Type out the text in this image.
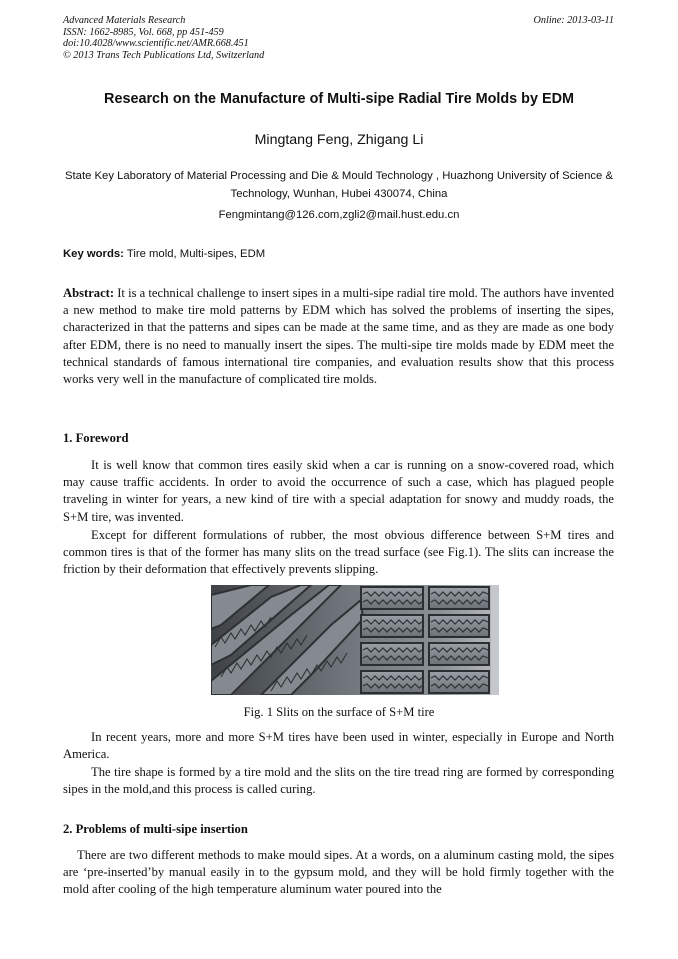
Advanced Materials Research
ISSN: 1662-8985, Vol. 668, pp 451-459
doi:10.4028/www.scientific.net/AMR.668.451
© 2013 Trans Tech Publications Ltd, Switzerland
Online: 2013-03-11
Research on the Manufacture of Multi-sipe Radial Tire Molds by EDM
Mingtang Feng, Zhigang Li
State Key Laboratory of Material Processing and Die & Mould Technology , Huazhong University of Science & Technology, Wunhan, Hubei 430074, China
Fengmintang@126.com,zgli2@mail.hust.edu.cn
Key words: Tire mold, Multi-sipes, EDM

Abstract: It is a technical challenge to insert sipes in a multi-sipe radial tire mold. The authors have invented a new method to make tire mold patterns by EDM which has solved the problems of inserting the sipes, characterized in that the patterns and sipes can be made at the same time, and as they are made as one body after EDM, there is no need to manually insert the sipes. The multi-sipe tire molds made by EDM meet the technical standards of famous international tire companies, and evaluation results show that this process works very well in the manufacture of complicated tire molds.

1. Foreword

It is well know that common tires easily skid when a car is running on a snow-covered road, which may cause traffic accidents. In order to avoid the occurrence of such a case, which has plagued people traveling in winter for years, a new kind of tire with a special adaptation for snowy and muddy roads, the S+M tire, was invented.

Except for different formulations of rubber, the most obvious difference between S+M tires and common tires is that of the former has many slits on the tread surface (see Fig.1). The slits can increase the friction by their deformation that effectively prevents slipping.

Fig. 1 Slits on the surface of S+M tire

In recent years, more and more S+M tires have been used in winter, especially in Europe and North America.

The tire shape is formed by a tire mold and the slits on the tire tread ring are formed by corresponding sipes in the mold,and this process is called curing.

2. Problems of multi-sipe insertion

There are two different methods to make mould sipes. At a words, on a aluminum casting mold, the sipes are ‘pre-inserted’by manual easily in to the gypsum mold, and they will be hold firmly together with the mold after cooling of the high temperature aluminum water poured into the
